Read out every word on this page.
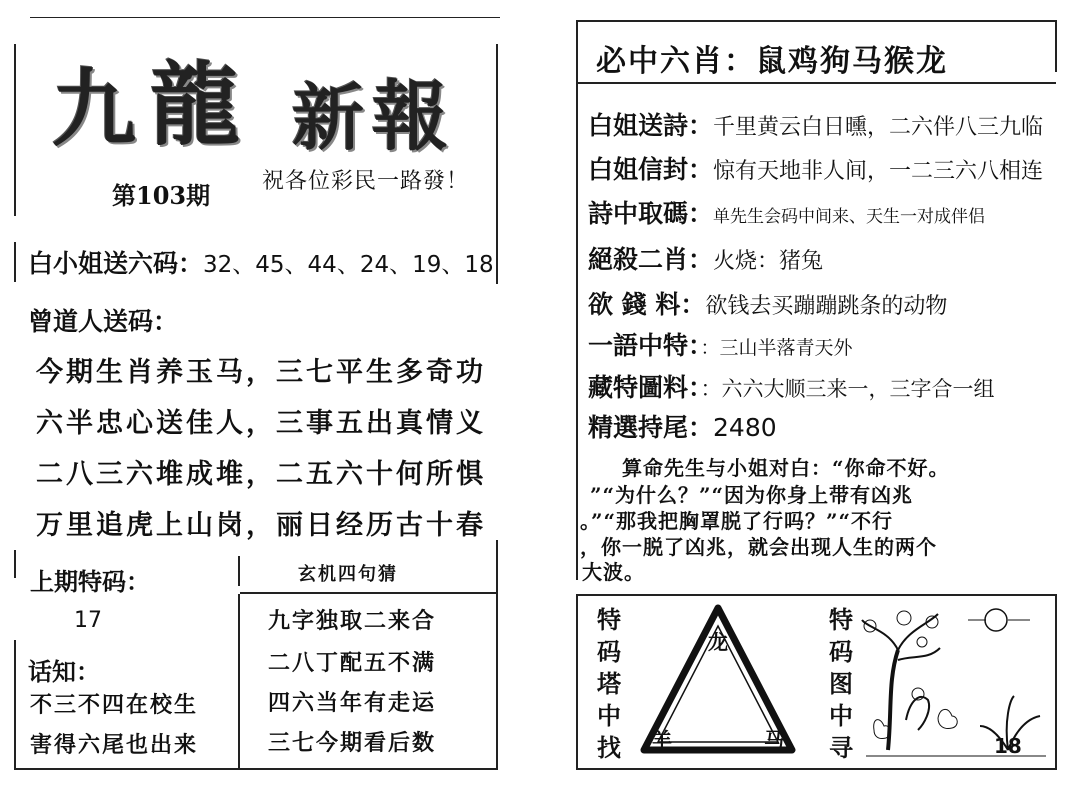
九 龍 新 報
第103期 祝各位彩民一路發！
白小姐送六码：32、45、44、24、19、18
曾道人送码：
今期生肖养玉马，三七平生多奇功
六半忠心送佳人，三事五出真情义
二八三六堆成堆，二五六十何所惧
万里追虎上山岗，丽日经历古十春
上期特码：	玄机四句猜
17	九字独取二来合
二八丁配五不满
四六当年有走运
三七今期看后数
话知：
不三不四在校生
害得六尾也出来
必中六肖：鼠鸡狗马猴龙
白姐送詩：千里黄云白日曛，二六伴八三九临
白姐信封：惊有天地非人间，一二三六八相连
詩中取碼：单先生会码中间来、天生一对成伴侣
絕殺二肖：火烧：猪兔
欲 錢 料：欲钱去买蹦蹦跳条的动物
一語中特：：三山半落青天外
藏特圖料：：六六大顺三来一，三字合一组
精選持尾：2480
算命先生与小姐对白：“你命不好。
”“为什么？”“因为你身上带有凶兆
。”“那我把胸罩脱了行吗？”“不行
，你一脱了凶兆，就会出现人生的两个
大波。
特
码
塔
中
找
龙
羊	马
特
码
图
中
寻	18
